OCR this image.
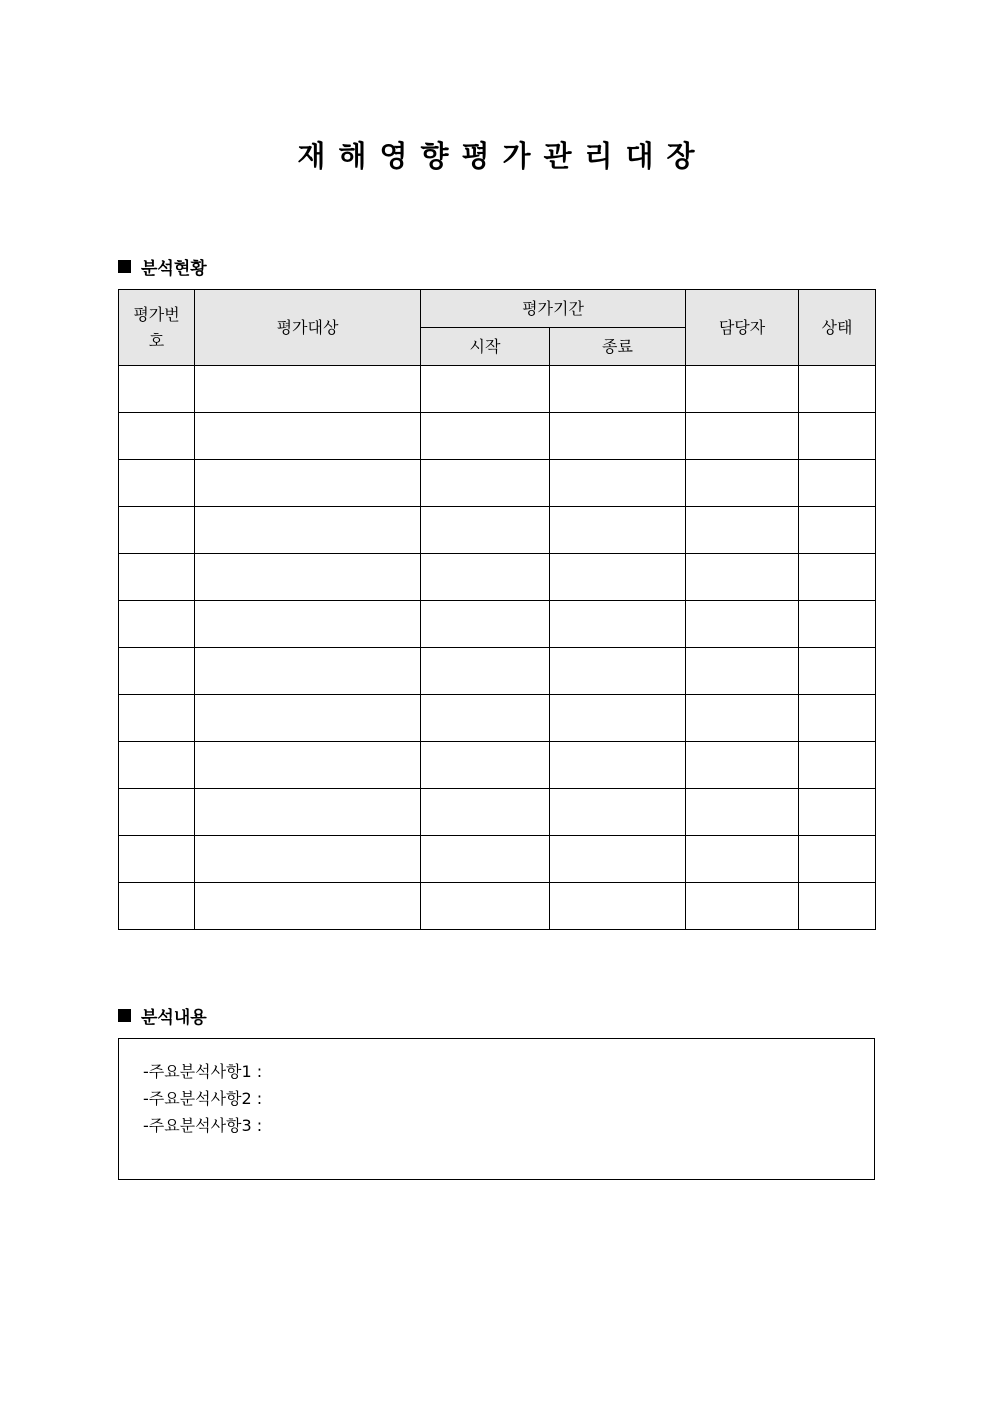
재해영향평가관리대장
분석현황
평가번호	평가대상	평가기간		담당자	상태
		시작	종료		

분석내용
-주요분석사항1 :
-주요분석사항2 :
-주요분석사항3 :
